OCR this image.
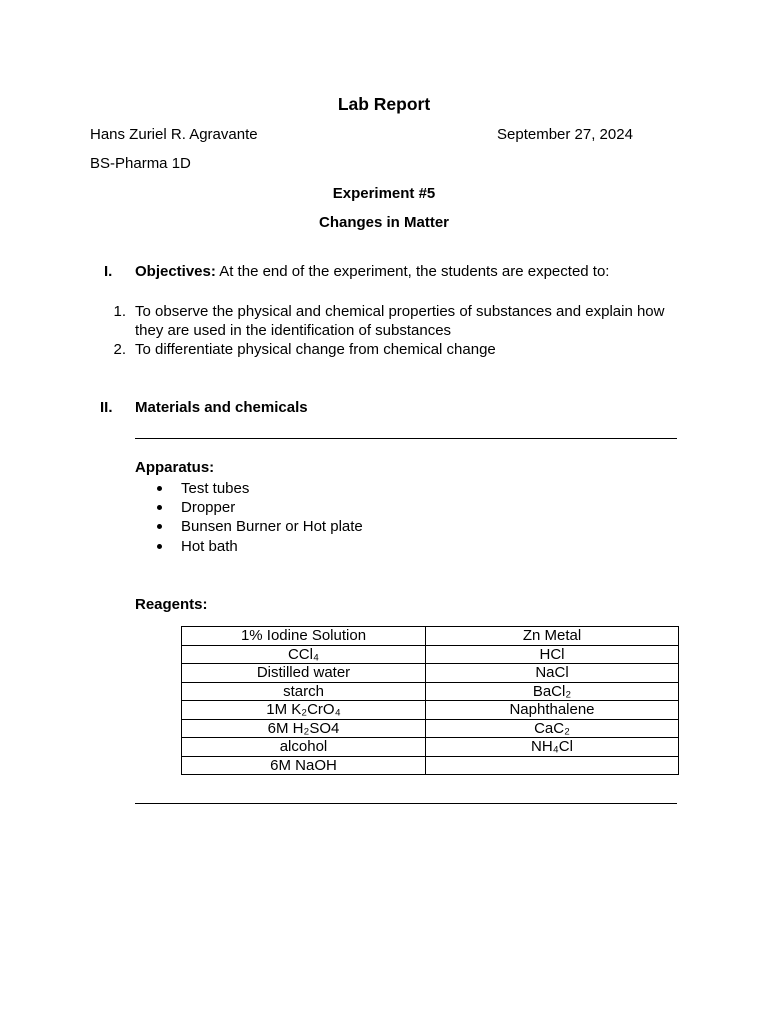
Lab Report
Hans Zuriel R. Agravante	September 27, 2024
BS-Pharma 1D
Experiment #5
Changes in Matter
I. Objectives: At the end of the experiment, the students are expected to:
1. To observe the physical and chemical properties of substances and explain how they are used in the identification of substances
2. To differentiate physical change from chemical change
II. Materials and chemicals
Apparatus:
Test tubes
Dropper
Bunsen Burner or Hot plate
Hot bath
Reagents:
1% Iodine Solution	Zn Metal
CCl₄	HCl
Distilled water	NaCl
starch	BaCl₂
1M K₂CrO₄	Naphthalene
6M H₂SO4	CaC₂
alcohol	NH₄Cl
6M NaOH	
